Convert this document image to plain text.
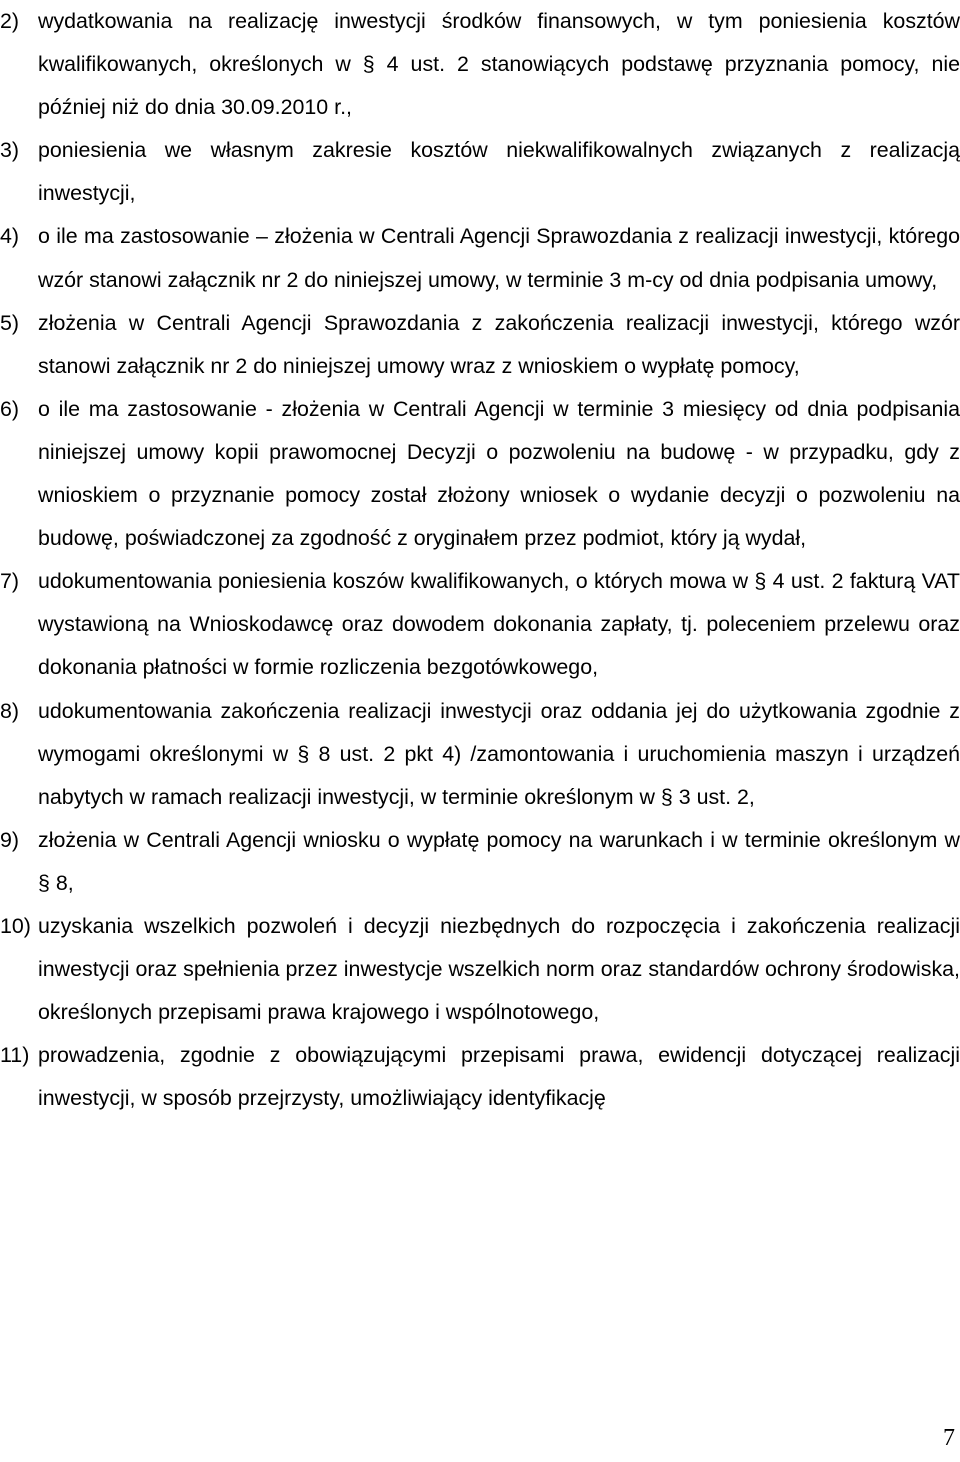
2) wydatkowania na realizację inwestycji środków finansowych, w tym poniesienia kosztów kwalifikowanych, określonych w § 4 ust. 2 stanowiących podstawę przyznania pomocy, nie później niż do dnia 30.09.2010 r.,
3) poniesienia we własnym zakresie kosztów niekwalifikowalnych związanych z realizacją inwestycji,
4) o ile ma zastosowanie – złożenia w Centrali Agencji Sprawozdania z realizacji inwestycji, którego wzór stanowi załącznik nr 2 do niniejszej umowy, w terminie 3 m-cy od dnia podpisania umowy,
5) złożenia w Centrali Agencji Sprawozdania z zakończenia realizacji inwestycji, którego wzór stanowi załącznik nr 2 do niniejszej umowy wraz z wnioskiem o wypłatę pomocy,
6) o ile ma zastosowanie - złożenia w Centrali Agencji w terminie 3 miesięcy od dnia podpisania niniejszej umowy kopii prawomocnej Decyzji o pozwoleniu na budowę - w przypadku, gdy z wnioskiem o przyznanie pomocy został złożony wniosek o wydanie decyzji o pozwoleniu na budowę, poświadczonej za zgodność z oryginałem przez podmiot, który ją wydał,
7) udokumentowania poniesienia koszów kwalifikowanych, o których mowa w § 4 ust. 2 fakturą VAT wystawioną na Wnioskodawcę oraz dowodem dokonania zapłaty, tj. poleceniem przelewu oraz dokonania płatności w formie rozliczenia bezgotówkowego,
8) udokumentowania zakończenia realizacji inwestycji oraz oddania jej do użytkowania zgodnie z wymogami określonymi w § 8 ust. 2 pkt 4) /zamontowania i uruchomienia maszyn i urządzeń nabytych w ramach realizacji inwestycji, w terminie określonym w § 3 ust. 2,
9) złożenia w Centrali Agencji wniosku o wypłatę pomocy na warunkach i w terminie określonym w § 8,
10) uzyskania wszelkich pozwoleń i decyzji niezbędnych do rozpoczęcia i zakończenia realizacji inwestycji oraz spełnienia przez inwestycje wszelkich norm oraz standardów ochrony środowiska, określonych przepisami prawa krajowego i wspólnotowego,
11) prowadzenia, zgodnie z obowiązującymi przepisami prawa, ewidencji dotyczącej realizacji inwestycji, w sposób przejrzysty, umożliwiający identyfikację
7
